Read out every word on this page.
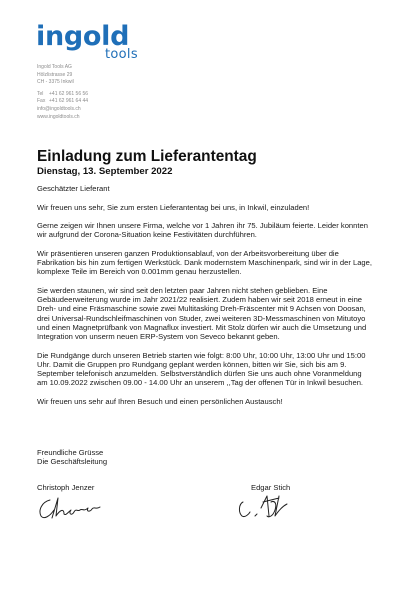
ingold
tools
Ingold Tools AG
Hölzlistrasse 29
CH - 3375 Inkwil
Tel +41 62 961 56 56
Fax +41 62 961 64 44
info@ingoldtools.ch
www.ingoldtools.ch
Einladung zum Lieferantentag
Dienstag, 13. September 2022

Geschätzter Lieferant

Wir freuen uns sehr, Sie zum ersten Lieferantentag bei uns, in Inkwil, einzuladen!

Gerne zeigen wir Ihnen unsere Firma, welche vor 1 Jahren ihr 75. Jubiläum feierte. Leider konnten wir aufgrund der Corona-Situation keine Festivitäten durchführen.

Wir präsentieren unseren ganzen Produktionsablauf, von der Arbeitsvorbereitung über die Fabrikation bis hin zum fertigen Werkstück. Dank modernstem Maschinenpark, sind wir in der Lage, komplexe Teile im Bereich von 0.001mm genau herzustellen.

Sie werden staunen, wir sind seit den letzten paar Jahren nicht stehen geblieben. Eine Gebäudeerweiterung wurde im Jahr 2021/22 realisiert. Zudem haben wir seit 2018 erneut in eine Dreh- und eine Fräsmaschine sowie zwei Multitasking Dreh-Fräscenter mit 9 Achsen von Doosan, drei Universal-Rundschleifmaschinen von Studer, zwei weiteren 3D-Messmaschinen von Mitutoyo und einen Magnetprüfbank von Magnaflux investiert. Mit Stolz dürfen wir auch die Umsetzung und Integration von unserm neuen ERP-System von Seveco bekannt geben.

Die Rundgänge durch unseren Betrieb starten wie folgt: 8:00 Uhr, 10:00 Uhr, 13:00 Uhr und 15:00 Uhr. Damit die Gruppen pro Rundgang geplant werden können, bitten wir Sie, sich bis am 9. September telefonisch anzumelden. Selbstverständlich dürfen Sie uns auch ohne Voranmeldung am 10.09.2022 zwischen 09.00 - 14.00 Uhr an unserem ,,Tag der offenen Tür in Inkwil besuchen.

Wir freuen uns sehr auf Ihren Besuch und einen persönlichen Austausch!

Freundliche Grüsse
Die Geschäftsleitung
Christoph Jenzer	Edgar Stich
